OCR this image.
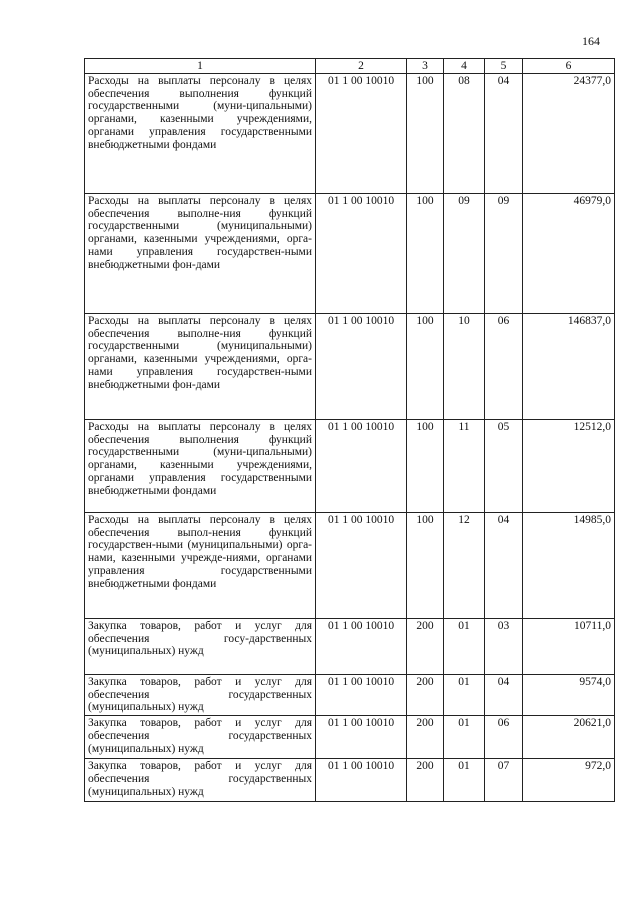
164
1	2	3	4	5	6
Расходы на выплаты персоналу в целях обеспечения выполнения функций государственными (муни-ципальными) органами, казенными учреждениями, органами управления государственными внебюджетными фондами	01 1 00 10010	100	08	04	24377,0
Расходы на выплаты персоналу в целях обеспечения выполне-ния функций государственными (муниципальными) органами, казенными учреждениями, орга-нами управления государствен-ными внебюджетными фон-дами	01 1 00 10010	100	09	09	46979,0
Расходы на выплаты персоналу в целях обеспечения выполне-ния функций государственными (муниципальными) органами, казенными учреждениями, орга-нами управления государствен-ными внебюджетными фон-дами	01 1 00 10010	100	10	06	146837,0
Расходы на выплаты персоналу в целях обеспечения выполнения функций государственными (муни-ципальными) органами, казенными учреждениями, органами управления государственными внебюджетными фондами	01 1 00 10010	100	11	05	12512,0
Расходы на выплаты персоналу в целях обеспечения выпол-нения функций государствен-ными (муниципальными) орга-нами, казенными учрежде-ниями, органами управления государственными внебюджетными фондами	01 1 00 10010	100	12	04	14985,0
Закупка товаров, работ и услуг для обеспечения госу-дарственных (муниципальных) нужд	01 1 00 10010	200	01	03	10711,0
Закупка товаров, работ и услуг для обеспечения государственных (муниципальных) нужд	01 1 00 10010	200	01	04	9574,0
Закупка товаров, работ и услуг для обеспечения государственных (муниципальных) нужд	01 1 00 10010	200	01	06	20621,0
Закупка товаров, работ и услуг для обеспечения государственных (муниципальных) нужд	01 1 00 10010	200	01	07	972,0
